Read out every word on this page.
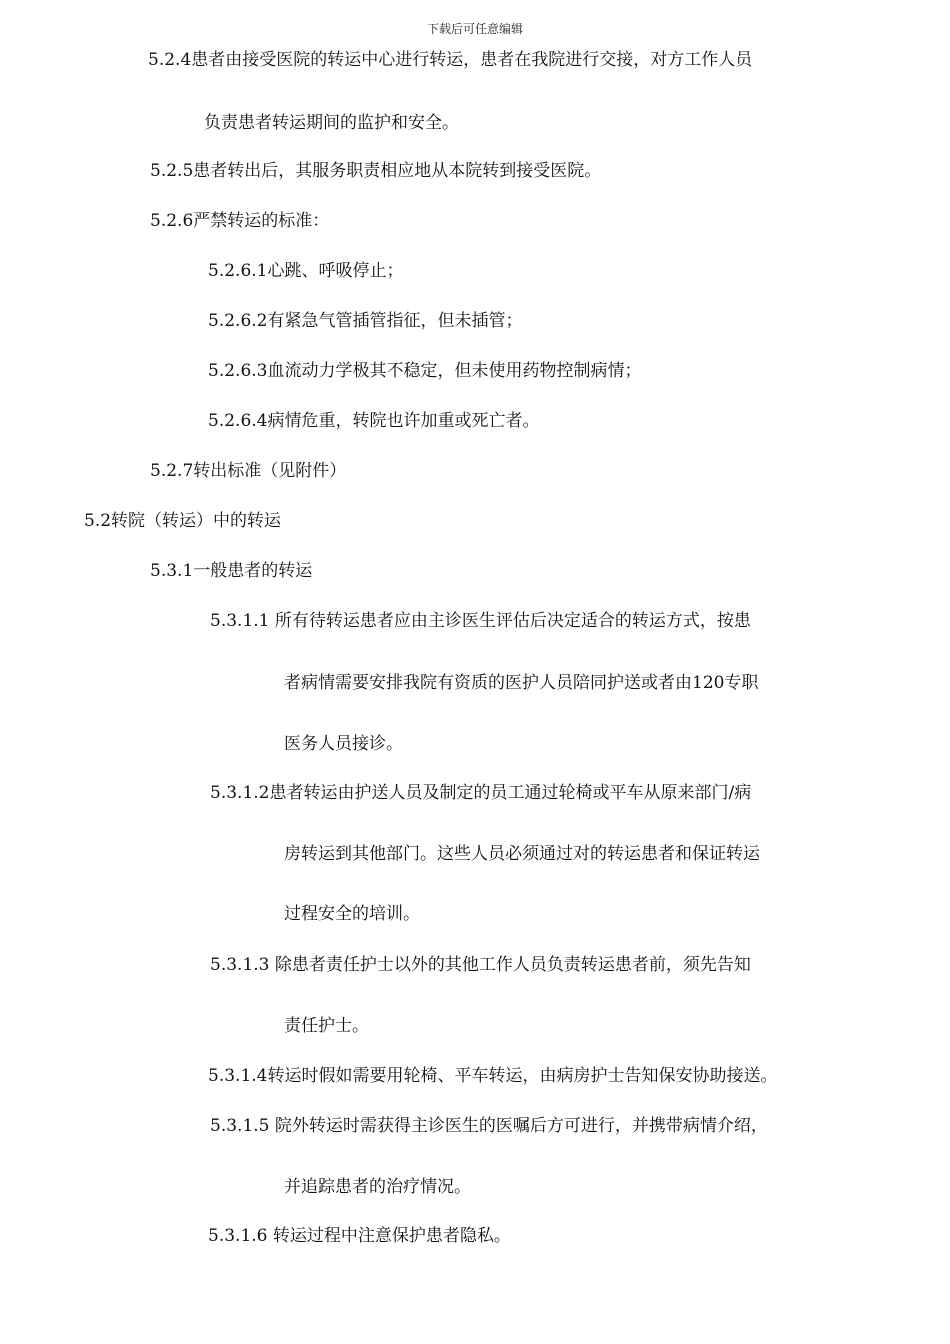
下载后可任意编辑
5.2.4患者由接受医院的转运中心进行转运，患者在我院进行交接，对方工作人员
负责患者转运期间的监护和安全。
5.2.5患者转出后，其服务职责相应地从本院转到接受医院。
5.2.6严禁转运的标准：
5.2.6.1心跳、呼吸停止；
5.2.6.2有紧急气管插管指征，但未插管；
5.2.6.3血流动力学极其不稳定，但未使用药物控制病情；
5.2.6.4病情危重，转院也许加重或死亡者。
5.2.7转出标准（见附件）
5.2转院（转运）中的转运
5.3.1一般患者的转运
5.3.1.1 所有待转运患者应由主诊医生评估后决定适合的转运方式，按患
者病情需要安排我院有资质的医护人员陪同护送或者由120专职
医务人员接诊。
5.3.1.2患者转运由护送人员及制定的员工通过轮椅或平车从原来部门/病
房转运到其他部门。这些人员必须通过对的转运患者和保证转运
过程安全的培训。
5.3.1.3 除患者责任护士以外的其他工作人员负责转运患者前，须先告知
责任护士。
5.3.1.4转运时假如需要用轮椅、平车转运，由病房护士告知保安协助接送。
5.3.1.5 院外转运时需获得主诊医生的医嘱后方可进行，并携带病情介绍，
并追踪患者的治疗情况。
5.3.1.6 转运过程中注意保护患者隐私。
